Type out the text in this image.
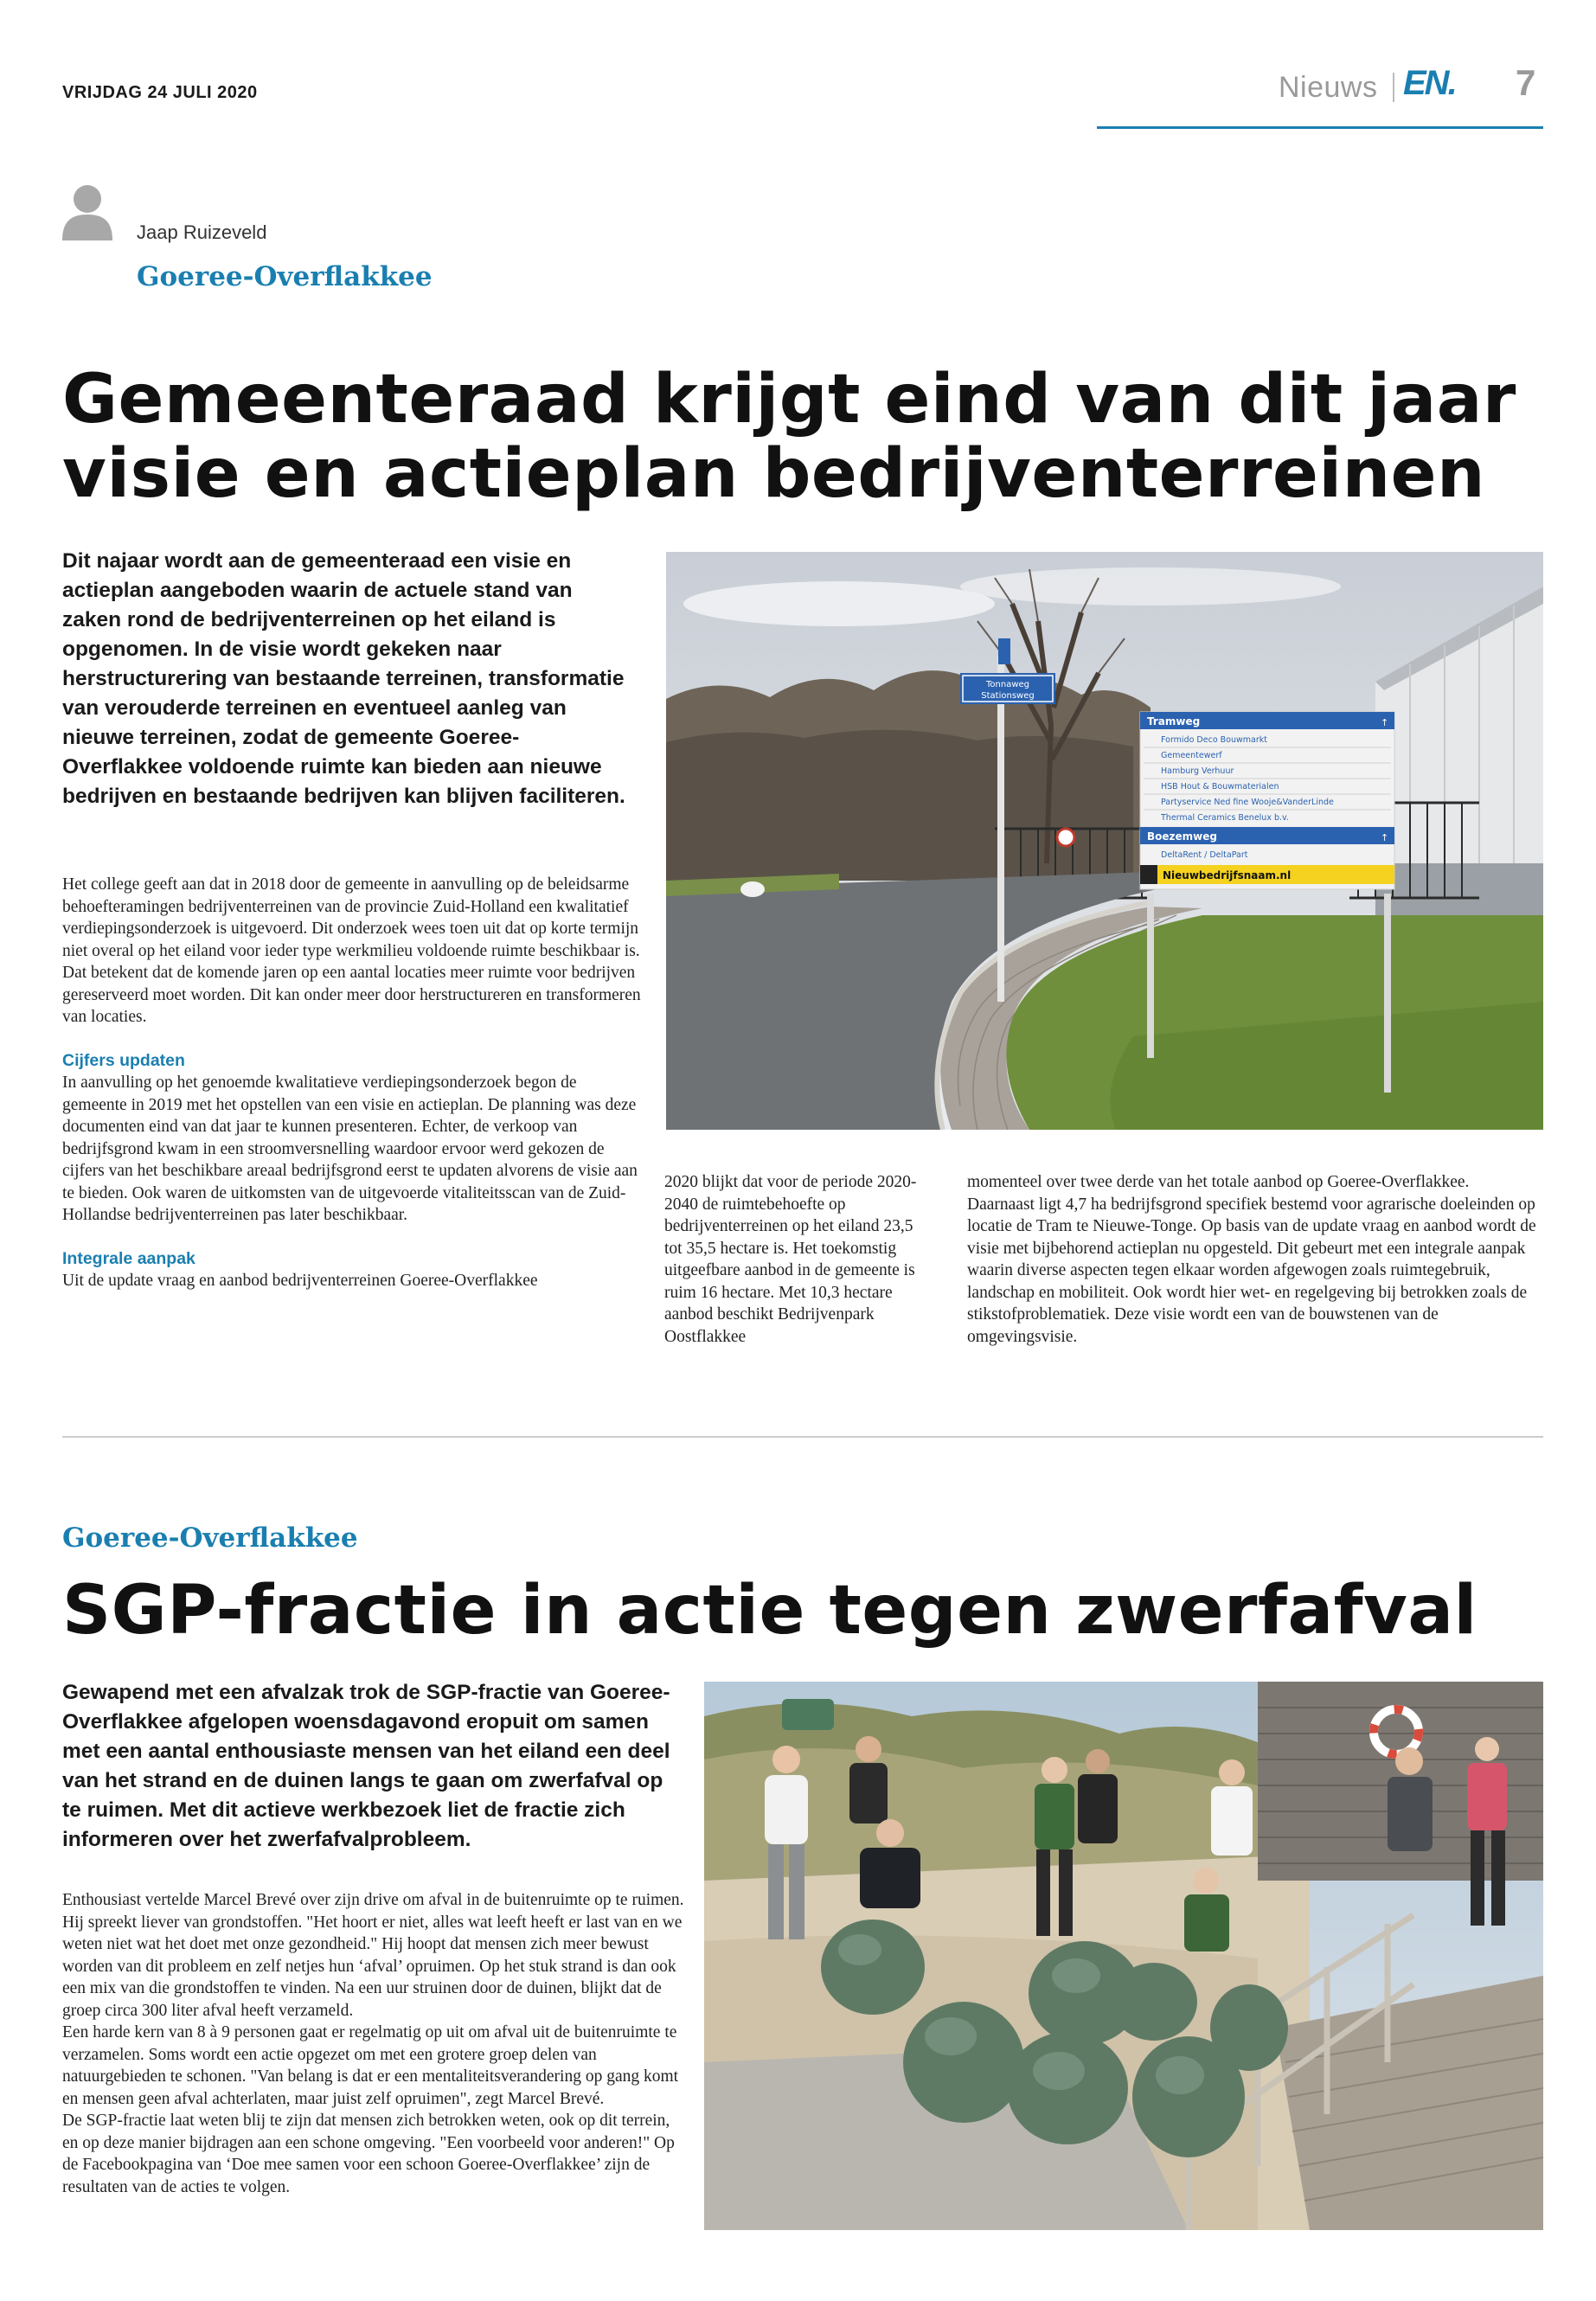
VRIJDAG 24 JULI 2020	Nieuws EN. 7
Jaap Ruizeveld
Goeree-Overflakkee
Gemeenteraad krijgt eind van dit jaar
visie en actieplan bedrijventerreinen
Dit najaar wordt aan de gemeenteraad een visie en actieplan aangeboden waarin de actuele stand van zaken rond de bedrijventerreinen op het eiland is opgenomen. In de visie wordt gekeken naar herstructurering van bestaande terreinen, transformatie van verouderde terreinen en eventueel aanleg van nieuwe terreinen, zodat de gemeente Goeree-Overflakkee voldoende ruimte kan bieden aan nieuwe bedrijven en bestaande bedrijven kan blijven faciliteren.

Het college geeft aan dat in 2018 door de gemeente in aanvulling op de beleidsarme behoefteramingen bedrijventerreinen van de provincie Zuid-Holland een kwalitatief verdiepingsonderzoek is uitgevoerd. Dit onderzoek wees toen uit dat op korte termijn niet overal op het eiland voor ieder type werkmilieu voldoende ruimte beschikbaar is. Dat betekent dat de komende jaren op een aantal locaties meer ruimte voor bedrijven gereserveerd moet worden. Dit kan onder meer door herstructureren en transformeren van locaties.

Cijfers updaten

In aanvulling op het genoemde kwalitatieve verdiepingsonderzoek begon de gemeente in 2019 met het opstellen van een visie en actieplan. De planning was deze documenten eind van dat jaar te kunnen presenteren. Echter, de verkoop van bedrijfsgrond kwam in een stroomversnelling waardoor ervoor werd gekozen de cijfers van het beschikbare areaal bedrijfsgrond eerst te updaten alvorens de visie aan te bieden. Ook waren de uitkomsten van de uitgevoerde vitaliteitsscan van de Zuid-Hollandse bedrijventerreinen pas later beschikbaar.

Integrale aanpak

Uit de update vraag en aanbod bedrijventerreinen Goeree-Overflakkee

2020 blijkt dat voor de periode 2020-2040 de ruimtebehoefte op bedrijventerreinen op het eiland 23,5 tot 35,5 hectare is. Het toekomstig uitgeefbare aanbod in de gemeente is ruim 16 hectare. Met 10,3 hectare aanbod beschikt Bedrijvenpark Oostflakkee

momenteel over twee derde van het totale aanbod op Goeree-Overflakkee. Daarnaast ligt 4,7 ha bedrijfsgrond specifiek bestemd voor agrarische doeleinden op locatie de Tram te Nieuwe-Tonge. Op basis van de update vraag en aanbod wordt de visie met bijbehorend actieplan nu opgesteld. Dit gebeurt met een integrale aanpak waarin diverse aspecten tegen elkaar worden afgewogen zoals ruimtegebruik, landschap en mobiliteit. Ook wordt hier wet- en regelgeving bij betrokken zoals de stikstofproblematiek. Deze visie wordt een van de bouwstenen van de omgevingsvisie.

Tonnaweg
Stationsweg
Tramweg
Formido Deco Bouwmarkt
Gemeentewerf
Hamburg Verhuur
HSB Hout & Bouwmaterialen
Partyservice Ned fine Wooje&VanderLinde
Thermal Ceramics Benelux b.v.
Boezemweg
DeltaRent / DeltaPart
Nieuwbedrijfsnaam.nl
↑
↑
Goeree-Overflakkee
SGP-fractie in actie tegen zwerfafval
Gewapend met een afvalzak trok de SGP-fractie van Goeree-Overflakkee afgelopen woensdagavond eropuit om samen met een aantal enthousiaste mensen van het eiland een deel van het strand en de duinen langs te gaan om zwerfafval op te ruimen. Met dit actieve werkbezoek liet de fractie zich informeren over het zwerfafvalprobleem.

Enthousiast vertelde Marcel Brevé over zijn drive om afval in de buitenruimte op te ruimen. Hij spreekt liever van grondstoffen. "Het hoort er niet, alles wat leeft heeft er last van en we weten niet wat het doet met onze gezondheid." Hij hoopt dat mensen zich meer bewust worden van dit probleem en zelf netjes hun ‘afval’ opruimen. Op het stuk strand is dan ook een mix van die grondstoffen te vinden. Na een uur struinen door de duinen, blijkt dat de groep circa 300 liter afval heeft verzameld.

Een harde kern van 8 à 9 personen gaat er regelmatig op uit om afval uit de buitenruimte te verzamelen. Soms wordt een actie opgezet om met een grotere groep delen van natuurgebieden te schonen. "Van belang is dat er een mentaliteitsverandering op gang komt en mensen geen afval achterlaten, maar juist zelf opruimen", zegt Marcel Brevé.

De SGP-fractie laat weten blij te zijn dat mensen zich betrokken weten, ook op dit terrein, en op deze manier bijdragen aan een schone omgeving. "Een voorbeeld voor anderen!" Op de Facebookpagina van ‘Doe mee samen voor een schoon Goeree-Overflakkee’ zijn de resultaten van de acties te volgen.
